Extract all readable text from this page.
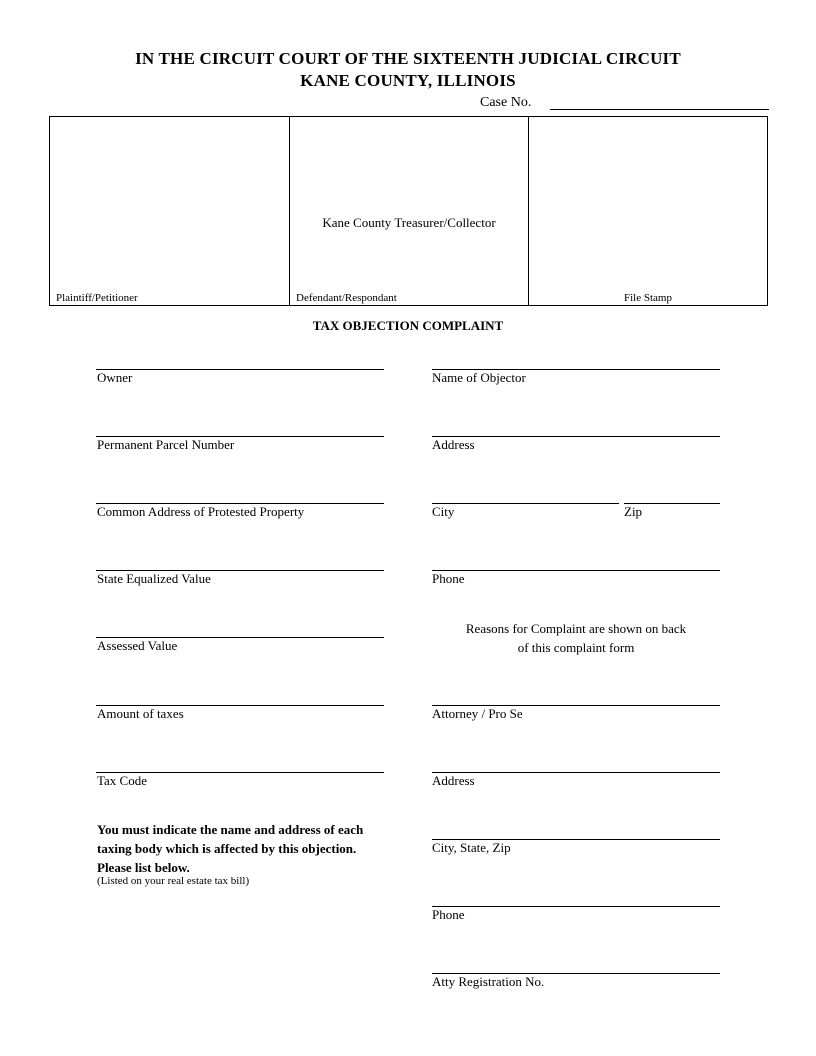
IN THE CIRCUIT COURT OF THE SIXTEENTH JUDICIAL CIRCUIT
KANE COUNTY, ILLINOIS
Case No.
Plaintiff/Petitioner
Kane County Treasurer/Collector
Defendant/Respondant	File Stamp
TAX OBJECTION COMPLAINT
Owner
Permanent Parcel Number
Common Address of Protested Property
State Equalized Value
Assessed Value
Amount of taxes
Tax Code
You must indicate the name and address of each taxing body which is affected by this objection. Please list below.
(Listed on your real estate tax bill)
Name of Objector
Address
City	Zip
Phone
Reasons for Complaint are shown on back
of this complaint form
Attorney / Pro Se
Address
City, State, Zip
Phone
Atty Registration No.
